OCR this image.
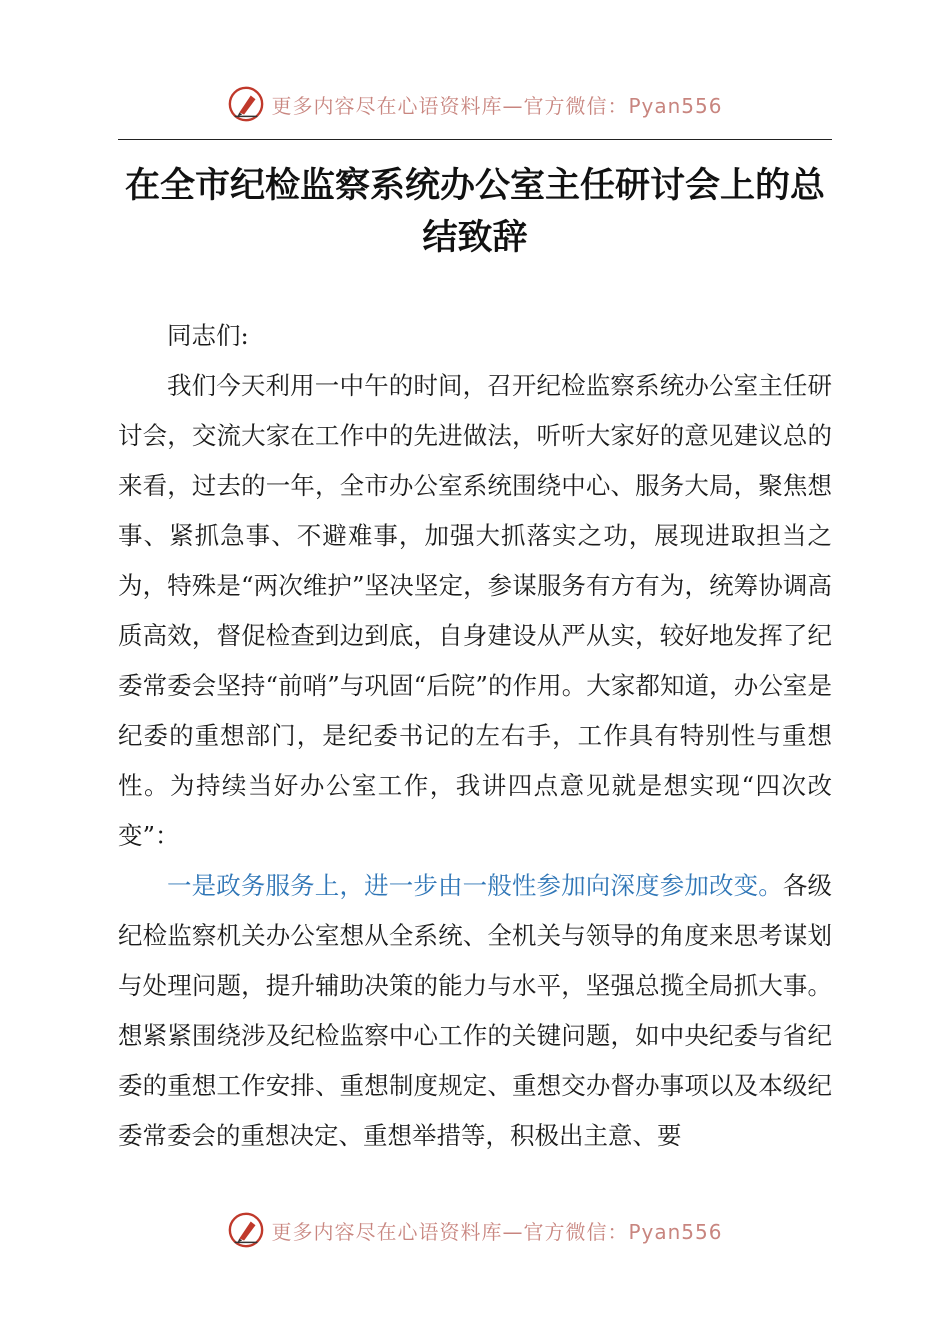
更多内容尽在心语资料库—官方微信：Pyan556
在全市纪检监察系统办公室主任研讨会上的总结致辞

同志们:

我们今天利用一中午的时间，召开纪检监察系统办公室主任研讨会，交流大家在工作中的先进做法，听听大家好的意见建议总的来看，过去的一年，全市办公室系统围绕中心、服务大局，聚焦想事、紧抓急事、不避难事，加强大抓落实之功，展现进取担当之为，特殊是“两次维护”坚决坚定，参谋服务有方有为，统筹协调高质高效，督促检查到边到底，自身建设从严从实，较好地发挥了纪委常委会坚持“前哨”与巩固“后院”的作用。大家都知道，办公室是纪委的重想部门，是纪委书记的左右手，工作具有特别性与重想性。为持续当好办公室工作，我讲四点意见就是想实现“四次改变”：

一是政务服务上，进一步由一般性参加向深度参加改变。各级纪检监察机关办公室想从全系统、全机关与领导的角度来思考谋划与处理问题，提升辅助决策的能力与水平，坚强总揽全局抓大事。想紧紧围绕涉及纪检监察中心工作的关键问题，如中央纪委与省纪委的重想工作安排、重想制度规定、重想交办督办事项以及本级纪委常委会的重想决定、重想举措等，积极出主意、要

更多内容尽在心语资料库—官方微信：Pyan556
